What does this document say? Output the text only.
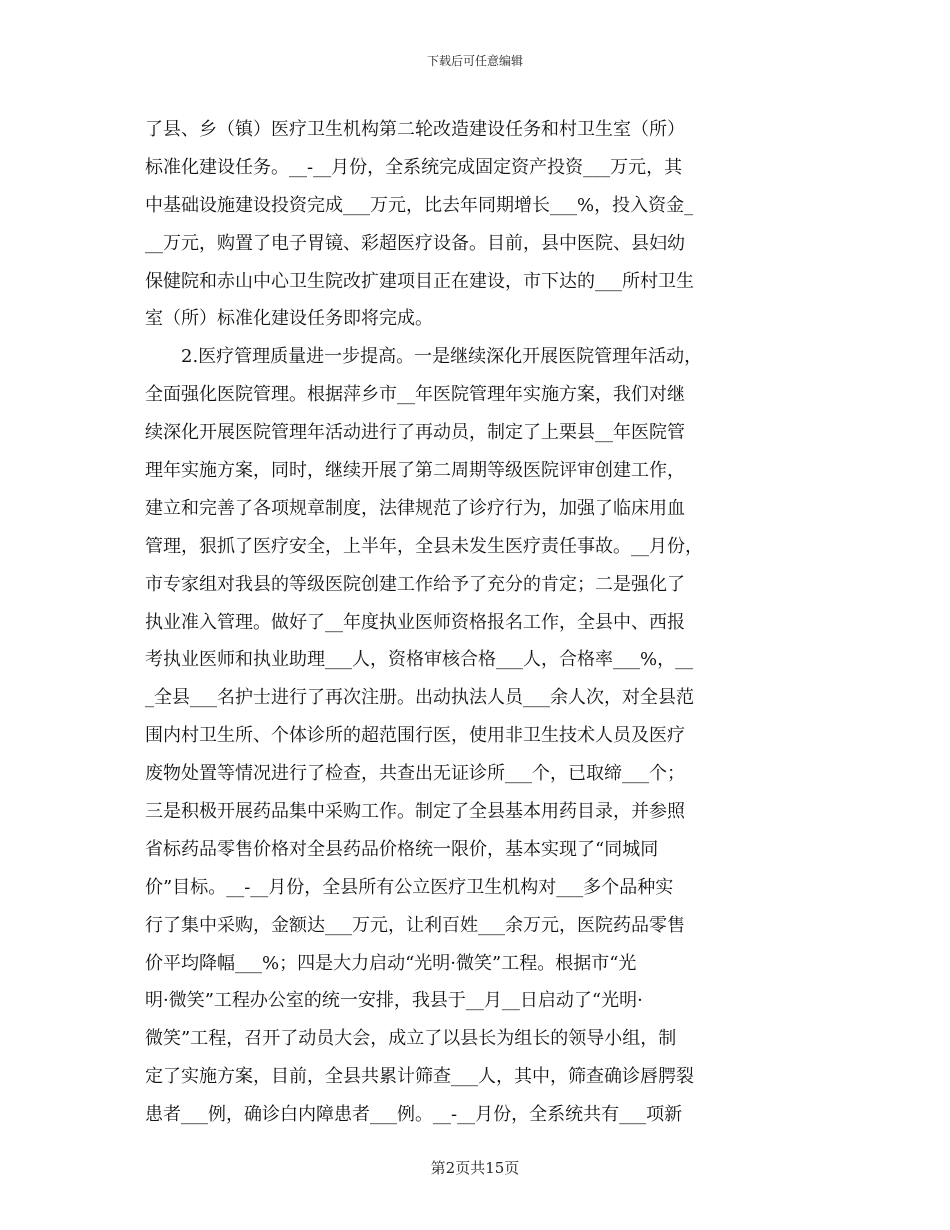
下载后可任意编辑
了县、乡（镇）医疗卫生机构第二轮改造建设任务和村卫生室（所）
标准化建设任务。__-__月份，全系统完成固定资产投资___万元，其
中基础设施建设投资完成___万元，比去年同期增长___%，投入资金_
__万元，购置了电子胃镜、彩超医疗设备。目前，县中医院、县妇幼
保健院和赤山中心卫生院改扩建项目正在建设，市下达的___所村卫生
室（所）标准化建设任务即将完成。
　　2.医疗管理质量进一步提高。一是继续深化开展医院管理年活动，
全面强化医院管理。根据萍乡市__年医院管理年实施方案，我们对继
续深化开展医院管理年活动进行了再动员，制定了上栗县__年医院管
理年实施方案，同时，继续开展了第二周期等级医院评审创建工作，
建立和完善了各项规章制度，法律规范了诊疗行为，加强了临床用血
管理，狠抓了医疗安全，上半年，全县未发生医疗责任事故。__月份，
市专家组对我县的等级医院创建工作给予了充分的肯定；二是强化了
执业准入管理。做好了__年度执业医师资格报名工作，全县中、西报
考执业医师和执业助理___人，资格审核合格___人，合格率___%，__
_全县___名护士进行了再次注册。出动执法人员___余人次，对全县范
围内村卫生所、个体诊所的超范围行医，使用非卫生技术人员及医疗
废物处置等情况进行了检查，共查出无证诊所___个，已取缔___个；
三是积极开展药品集中采购工作。制定了全县基本用药目录，并参照
省标药品零售价格对全县药品价格统一限价，基本实现了“同城同
价”目标。__-__月份，全县所有公立医疗卫生机构对___多个品种实
行了集中采购，金额达___万元，让利百姓___余万元，医院药品零售
价平均降幅___%；四是大力启动“光明·微笑”工程。根据市“光
明·微笑”工程办公室的统一安排，我县于__月__日启动了“光明·
微笑”工程，召开了动员大会，成立了以县长为组长的领导小组，制
定了实施方案，目前，全县共累计筛查___人，其中，筛查确诊唇腭裂
患者___例，确诊白内障患者___例。__-__月份，全系统共有___项新
第2页共15页
